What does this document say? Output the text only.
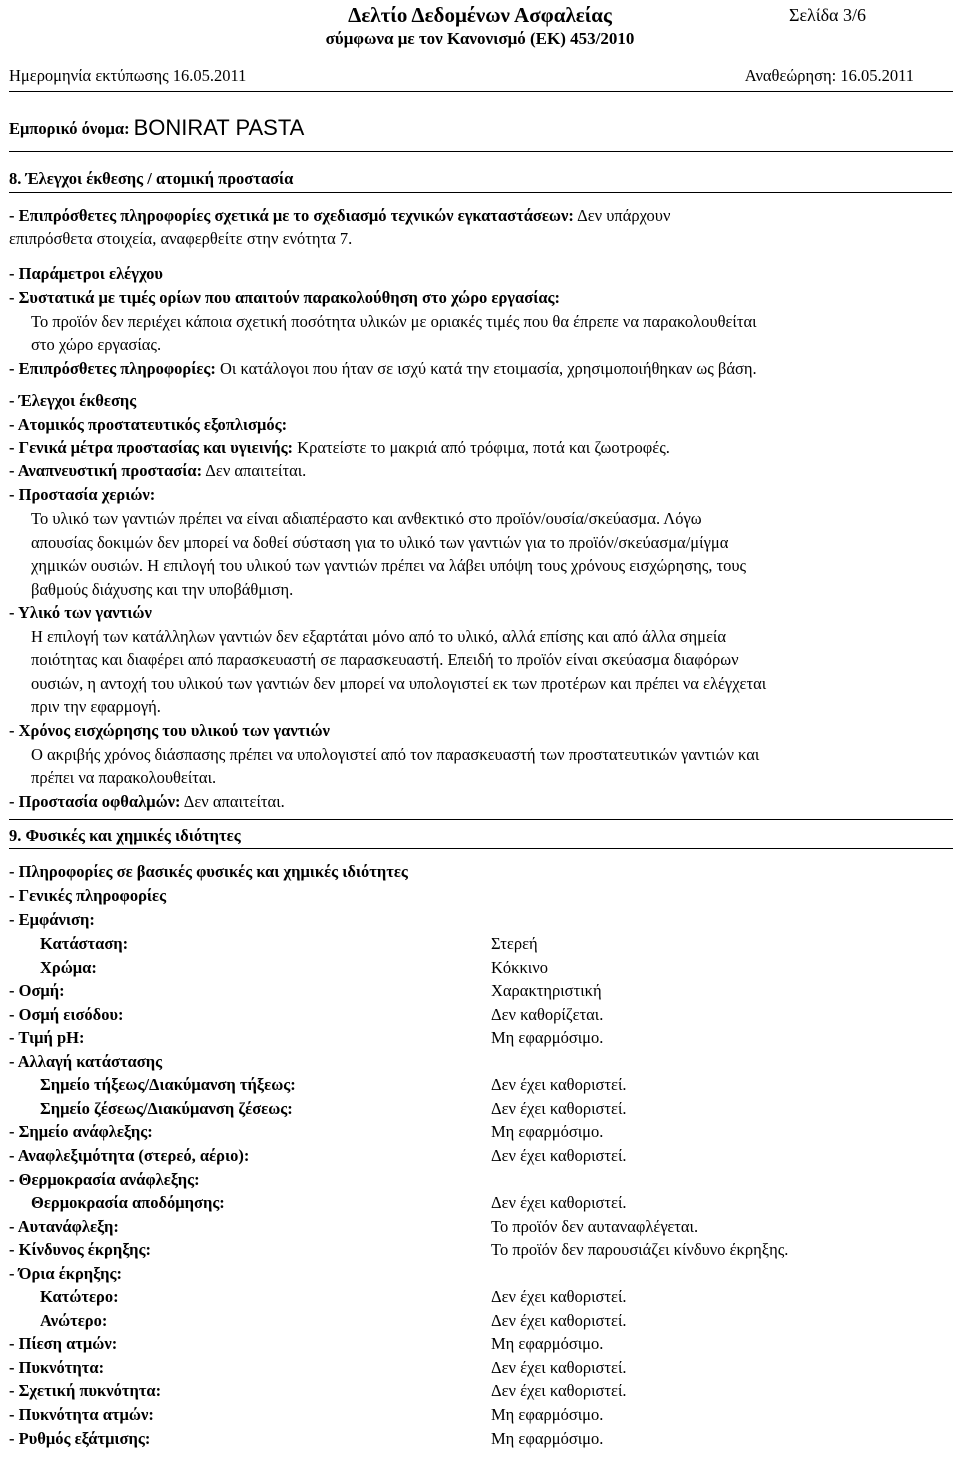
Δελτίο Δεδομένων Ασφαλείας
σύμφωνα με τον Κανονισμό (ΕΚ) 453/2010
Σελίδα 3/6
Ημερομηνία εκτύπωσης 16.05.2011	Αναθεώρηση: 16.05.2011
Εμπορικό όνομα: BONIRAT PASTA
8. Έλεγχοι έκθεσης / ατομική προστασία
- Επιπρόσθετες πληροφορίες σχετικά με το σχεδιασμό τεχνικών εγκαταστάσεων: Δεν υπάρχουν
επιπρόσθετα στοιχεία, αναφερθείτε στην ενότητα 7.
- Παράμετροι ελέγχου
- Συστατικά με τιμές ορίων που απαιτούν παρακολούθηση στο χώρο εργασίας:
Το προϊόν δεν περιέχει κάποια σχετική ποσότητα υλικών με οριακές τιμές που θα έπρεπε να παρακολουθείται
στο χώρο εργασίας.
- Επιπρόσθετες πληροφορίες: Οι κατάλογοι που ήταν σε ισχύ κατά την ετοιμασία, χρησιμοποιήθηκαν ως βάση.
- Έλεγχοι έκθεσης
- Ατομικός προστατευτικός εξοπλισμός:
- Γενικά μέτρα προστασίας και υγιεινής: Κρατείστε το μακριά από τρόφιμα, ποτά και ζωοτροφές.
- Αναπνευστική προστασία: Δεν απαιτείται.
- Προστασία χεριών:
Το υλικό των γαντιών πρέπει να είναι αδιαπέραστο και ανθεκτικό στο προϊόν/ουσία/σκεύασμα. Λόγω
απουσίας δοκιμών δεν μπορεί να δοθεί σύσταση για το υλικό των γαντιών για το προϊόν/σκεύασμα/μίγμα
χημικών ουσιών. Η επιλογή του υλικού των γαντιών πρέπει να λάβει υπόψη τους χρόνους εισχώρησης, τους
βαθμούς διάχυσης και την υποβάθμιση.
- Υλικό των γαντιών
Η επιλογή των κατάλληλων γαντιών δεν εξαρτάται μόνο από το υλικό, αλλά επίσης και από άλλα σημεία
ποιότητας και διαφέρει από παρασκευαστή σε παρασκευαστή. Επειδή το προϊόν είναι σκεύασμα διαφόρων
ουσιών, η αντοχή του υλικού των γαντιών δεν μπορεί να υπολογιστεί εκ των προτέρων και πρέπει να ελέγχεται
πριν την εφαρμογή.
- Χρόνος εισχώρησης του υλικού των γαντιών
Ο ακριβής χρόνος διάσπασης πρέπει να υπολογιστεί από τον παρασκευαστή των προστατευτικών γαντιών και
πρέπει να παρακολουθείται.
- Προστασία οφθαλμών: Δεν απαιτείται.
9. Φυσικές και χημικές ιδιότητες
- Πληροφορίες σε βασικές φυσικές και χημικές ιδιότητες
- Γενικές πληροφορίες
- Εμφάνιση:
Κατάσταση:	Στερεή
Χρώμα:	Κόκκινο
- Οσμή:	Χαρακτηριστική
- Οσμή εισόδου:	Δεν καθορίζεται.
- Τιμή pH:	Μη εφαρμόσιμο.
- Αλλαγή κατάστασης
Σημείο τήξεως/Διακύμανση τήξεως:	Δεν έχει καθοριστεί.
Σημείο ζέσεως/Διακύμανση ζέσεως:	Δεν έχει καθοριστεί.
- Σημείο ανάφλεξης:	Μη εφαρμόσιμο.
- Αναφλεξιμότητα (στερεό, αέριο):	Δεν έχει καθοριστεί.
- Θερμοκρασία ανάφλεξης:
Θερμοκρασία αποδόμησης:	Δεν έχει καθοριστεί.
- Αυτανάφλεξη:	Το προϊόν δεν αυταναφλέγεται.
- Κίνδυνος έκρηξης:	Το προϊόν δεν παρουσιάζει κίνδυνο έκρηξης.
- Όρια έκρηξης:
Κατώτερο:	Δεν έχει καθοριστεί.
Ανώτερο:	Δεν έχει καθοριστεί.
- Πίεση ατμών:	Μη εφαρμόσιμο.
- Πυκνότητα:	Δεν έχει καθοριστεί.
- Σχετική πυκνότητα:	Δεν έχει καθοριστεί.
- Πυκνότητα ατμών:	Μη εφαρμόσιμο.
- Ρυθμός εξάτμισης:	Μη εφαρμόσιμο.
